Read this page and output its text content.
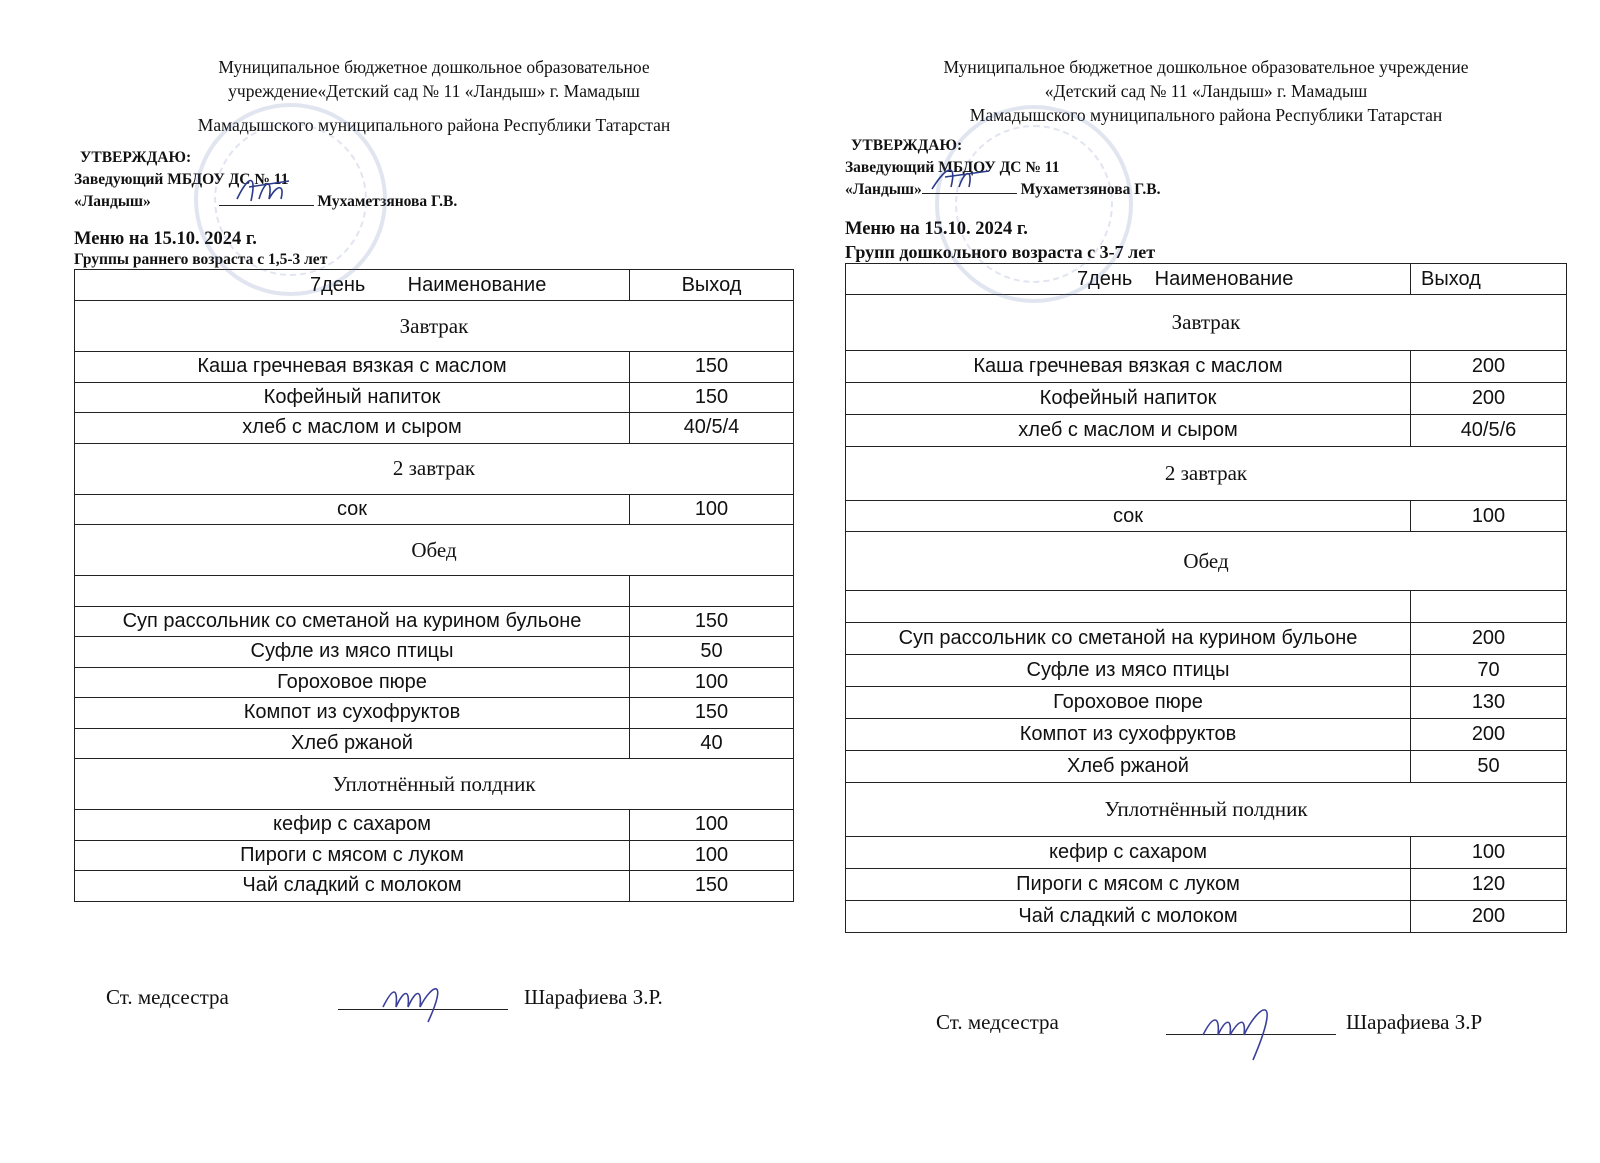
Муниципальное бюджетное дошкольное образовательное
учреждение«Детский сад № 11 «Ландыш» г. Мамадыш
Мамадышского муниципального района Республики Татарстан
УТВЕРЖДАЮ:
Заведующий МБДОУ ДС № 11
«Ландыш»	Мухаметзянова Г.В.
Меню на 15.10. 2024 г.
Группы раннего возраста с 1,5-3 лет
7день Наименование	Выход
Завтрак	
Каша гречневая вязкая с маслом	150
Кофейный напиток	150
хлеб с маслом и сыром	40/5/4
2 завтрак	
сок	100
Обед	

Суп рассольник со сметаной на курином бульоне	150
Суфле из мясо птицы	50
Гороховое пюре	100
Компот из сухофруктов	150
Хлеб ржаной	40
Уплотнённый полдник	
кефир с сахаром	100
Пироги с мясом с луком	100
Чай сладкий с молоком	150
Ст. медсестра	Шарафиева З.Р.
Муниципальное бюджетное дошкольное образовательное учреждение
«Детский сад № 11 «Ландыш» г. Мамадыш
Мамадышского муниципального района Республики Татарстан
УТВЕРЖДАЮ:
Заведующий МБДОУ ДС № 11
«Ландыш»	Мухаметзянова Г.В.
Меню на 15.10. 2024 г.
Групп дошкольного возраста с 3-7 лет
7день Наименование	Выход
Завтрак	
Каша гречневая вязкая с маслом	200
Кофейный напиток	200
хлеб с маслом и сыром	40/5/6
2 завтрак	
сок	100
Обед	

Суп рассольник со сметаной на курином бульоне	200
Суфле из мясо птицы	70
Гороховое пюре	130
Компот из сухофруктов	200
Хлеб ржаной	50
Уплотнённый полдник	
кефир с сахаром	100
Пироги с мясом с луком	120
Чай сладкий с молоком	200
Ст. медсестра	Шарафиева З.Р
